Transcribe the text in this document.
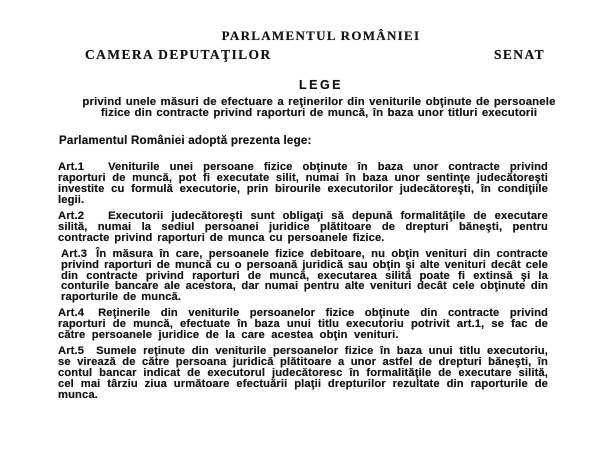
PARLAMENTUL ROMÂNIEI
CAMERA DEPUTAŢILOR	SENAT
LEGE
privind unele măsuri de efectuare a reţinerilor din veniturile obţinute de persoanele fizice din contracte privind raporturi de muncă, în baza unor titluri executorii
Parlamentul României adoptă prezenta lege:

Art.1 Veniturile unei persoane fizice obţinute în baza unor contracte privind raporturi de muncă, pot fi executate silit, numai în baza unor sentinţe judecătoreşti investite cu formulă executorie, prin birourile executorilor judecătoreşti, în condiţiile legii.

Art.2 Executorii judecătoreşti sunt obligaţi să depună formalităţile de executare silită, numai la sediul persoanei juridice plătitoare de drepturi băneşti, pentru contracte privind raporturi de munca cu persoanele fizice.

Art.3 În măsura în care, persoanele fizice debitoare, nu obţin venituri din contracte privind raporturi de muncă cu o persoană juridică sau obţin şi alte venituri decât cele din contracte privind raporturi de muncă, executarea silită poate fi extinsă şi la conturile bancare ale acestora, dar numai pentru alte venituri decât cele obţinute din raporturile de muncă.

Art.4 Reţinerile din veniturile persoanelor fizice obţinute din contracte privind raporturi de muncă, efectuate în baza unui titlu executoriu potrivit art.1, se fac de către persoanele juridice de la care acestea obţin venituri.

Art.5 Sumele reţinute din veniturile persoanelor fizice în baza unui titlu executoriu, se virează de către persoana juridică plătitoare a unor astfel de drepturi băneşti, în contul bancar indicat de executorul judecătoresc în formalităţile de executare silită, cel mai târziu ziua următoare efectuării plaţii drepturilor rezultate din raporturile de munca.
